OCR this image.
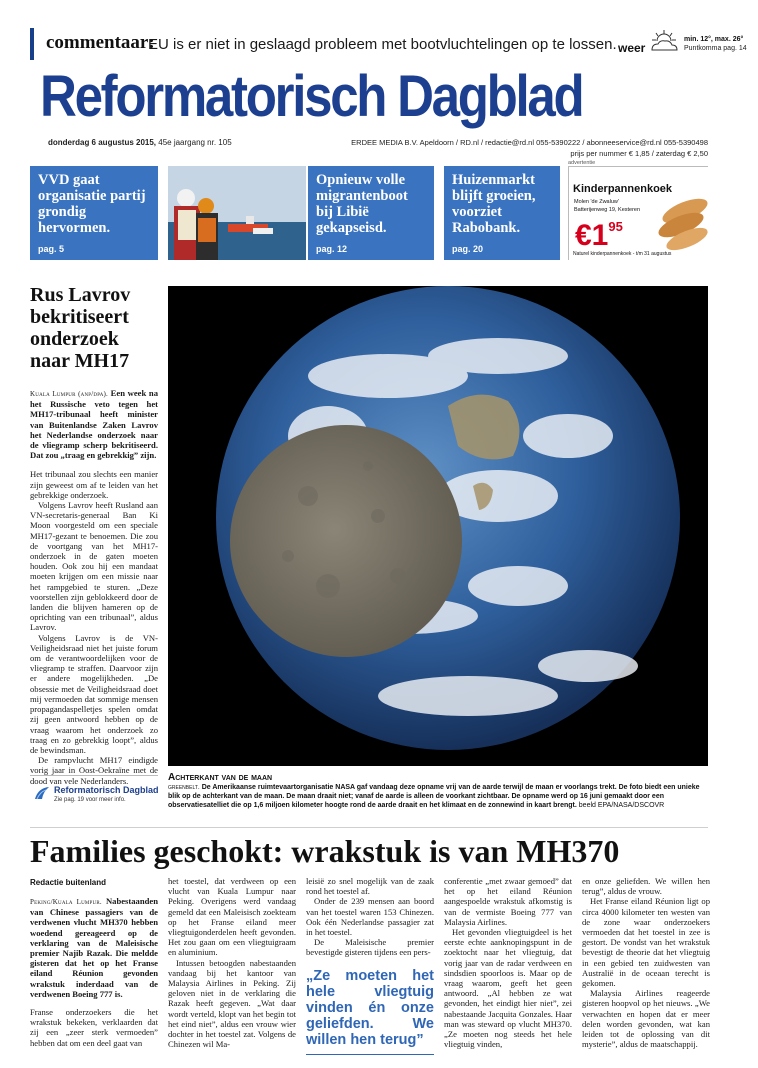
commentaar:
EU is er niet in geslaagd probleem met bootvluchtelingen op te lossen. weer
min. 12°, max. 26°
Puntkomma pag. 14
Reformatorisch Dagblad
donderdag 6 augustus 2015, 45e jaargang nr. 105	ERDEE MEDIA B.V. Apeldoorn / RD.nl / redactie@rd.nl 055-5390222 / abonneeservice@rd.nl 055-5390498
prijs per nummer € 1,85 / zaterdag € 2,50
VVD gaat organisatie partij grondig hervormen.
pag. 5
Opnieuw volle migrantenboot bij Libië gekapseisd.
pag. 12
Huizenmarkt blijft groeien, voorziet Rabobank.
pag. 20
advertentie
Kinderpannenkoek
Molen 'de Zwaluw'
Batterijenweg 19, Kesteren
$€1^{95}$
Naturel kinderpannenkoek - t/m 31 augustus
Rus Lavrov bekritiseert onderzoek naar MH17

Kuala Lumpur (anp/dpa). Een week na het Russische veto tegen het MH17-tribunaal heeft minister van Buitenlandse Zaken Lavrov het Nederlandse onderzoek naar de vliegramp scherp bekritiseerd. Dat zou „traag en gebrekkig” zijn.

Het tribunaal zou slechts een manier zijn geweest om af te leiden van het gebrekkige onderzoek.

Volgens Lavrov heeft Rusland aan VN-secretaris-generaal Ban Ki Moon voorgesteld om een speciale MH17-gezant te benoemen. Die zou de voortgang van het MH17-onderzoek in de gaten moeten houden. Ook zou hij een mandaat moeten krijgen om een missie naar het rampgebied te sturen. „Deze voorstellen zijn geblokkeerd door de landen die blijven hameren op de oprichting van een tribunaal”, aldus Lavrov.

Volgens Lavrov is de VN-Veiligheidsraad niet het juiste forum om de verantwoordelijken voor de vliegramp te straffen. Daarvoor zijn er andere mogelijkheden. „De obsessie met de Veiligheidsraad doet mij vermoeden dat sommige mensen propagandaspelletjes spelen omdat zij geen antwoord hebben op de vraag waarom het onderzoek zo traag en zo gebrekkig loopt”, aldus de bewindsman.

De rampvlucht MH17 eindigde vorig jaar in Oost-Oekraïne met de dood van vele Nederlanders.

Reformatorisch Dagblad
Zie pag. 19 voor meer info.
Achterkant van de maan
greenbelt. De Amerikaanse ruimtevaartorganisatie NASA gaf vandaag deze opname vrij van de aarde terwijl de maan er voorlangs trekt. De foto biedt een unieke blik op de achterkant van de maan. De maan draait niet; vanaf de aarde is alleen de voorkant zichtbaar. De opname werd op 16 juni gemaakt door een observatiesatelliet die op 1,6 miljoen kilometer hoogte rond de aarde draait en het klimaat en de zonnewind in kaart brengt. beeld EPA/NASA/DSCOVR
Families geschokt: wrakstuk is van MH370
Redactie buitenland

Peking/Kuala Lumpur. Nabestaanden van Chinese passagiers van de verdwenen vlucht MH370 hebben woedend gereageerd op de verklaring van de Maleisische premier Najib Razak. Die meldde gisteren dat het op het Franse eiland Réunion gevonden wrakstuk inderdaad van de verdwenen Boeing 777 is.

Franse onderzoekers die het wrakstuk bekeken, verklaarden dat zij een „zeer sterk vermoeden” hebben dat om een deel gaat van

het toestel, dat verdween op een vlucht van Kuala Lumpur naar Peking. Overigens werd vandaag gemeld dat een Maleisisch zoekteam op het Franse eiland meer vliegtuigonderdelen heeft gevonden. Het zou gaan om een vliegtuigraam en aluminium.

Intussen betoogden nabestaanden vandaag bij het kantoor van Malaysia Airlines in Peking. Zij geloven niet in de verklaring die Razak heeft gegeven. „Wat daar wordt verteld, klopt van het begin tot het eind niet”, aldus een vrouw wier dochter in het toestel zat. Volgens de Chinezen wil Ma-

leisië zo snel mogelijk van de zaak rond het toestel af.

Onder de 239 mensen aan boord van het toestel waren 153 Chinezen. Ook één Nederlandse passagier zat in het toestel.

De Maleisische premier bevestigde gisteren tijdens een pers-

„Ze moeten het hele vliegtuig vinden én onze geliefden. We willen hen terug”

conferentie „met zwaar gemoed” dat het op het eiland Réunion aangespoelde wrakstuk afkomstig is van de vermiste Boeing 777 van Malaysia Airlines.

Het gevonden vliegtuigdeel is het eerste echte aanknopingspunt in de zoektocht naar het vliegtuig, dat vorig jaar van de radar verdween en sindsdien spoorloos is. Maar op de vraag waarom, geeft het geen antwoord. „Al hebben ze wat gevonden, het eindigt hier niet”, zei nabestaande Jacquita Gonzales. Haar man was steward op vlucht MH370. „Ze moeten nog steeds het hele vliegtuig vinden,

en onze geliefden. We willen hen terug”, aldus de vrouw.

Het Franse eiland Réunion ligt op circa 4000 kilometer ten westen van de zone waar onderzoekers vermoeden dat het toestel in zee is gestort. De vondst van het wrakstuk bevestigt de theorie dat het vliegtuig in een gebied ten zuidwesten van Australië in de oceaan terecht is gekomen.

Malaysia Airlines reageerde gisteren hoopvol op het nieuws. „We verwachten en hopen dat er meer delen worden gevonden, wat kan leiden tot de oplossing van dit mysterie”, aldus de maatschappij.
